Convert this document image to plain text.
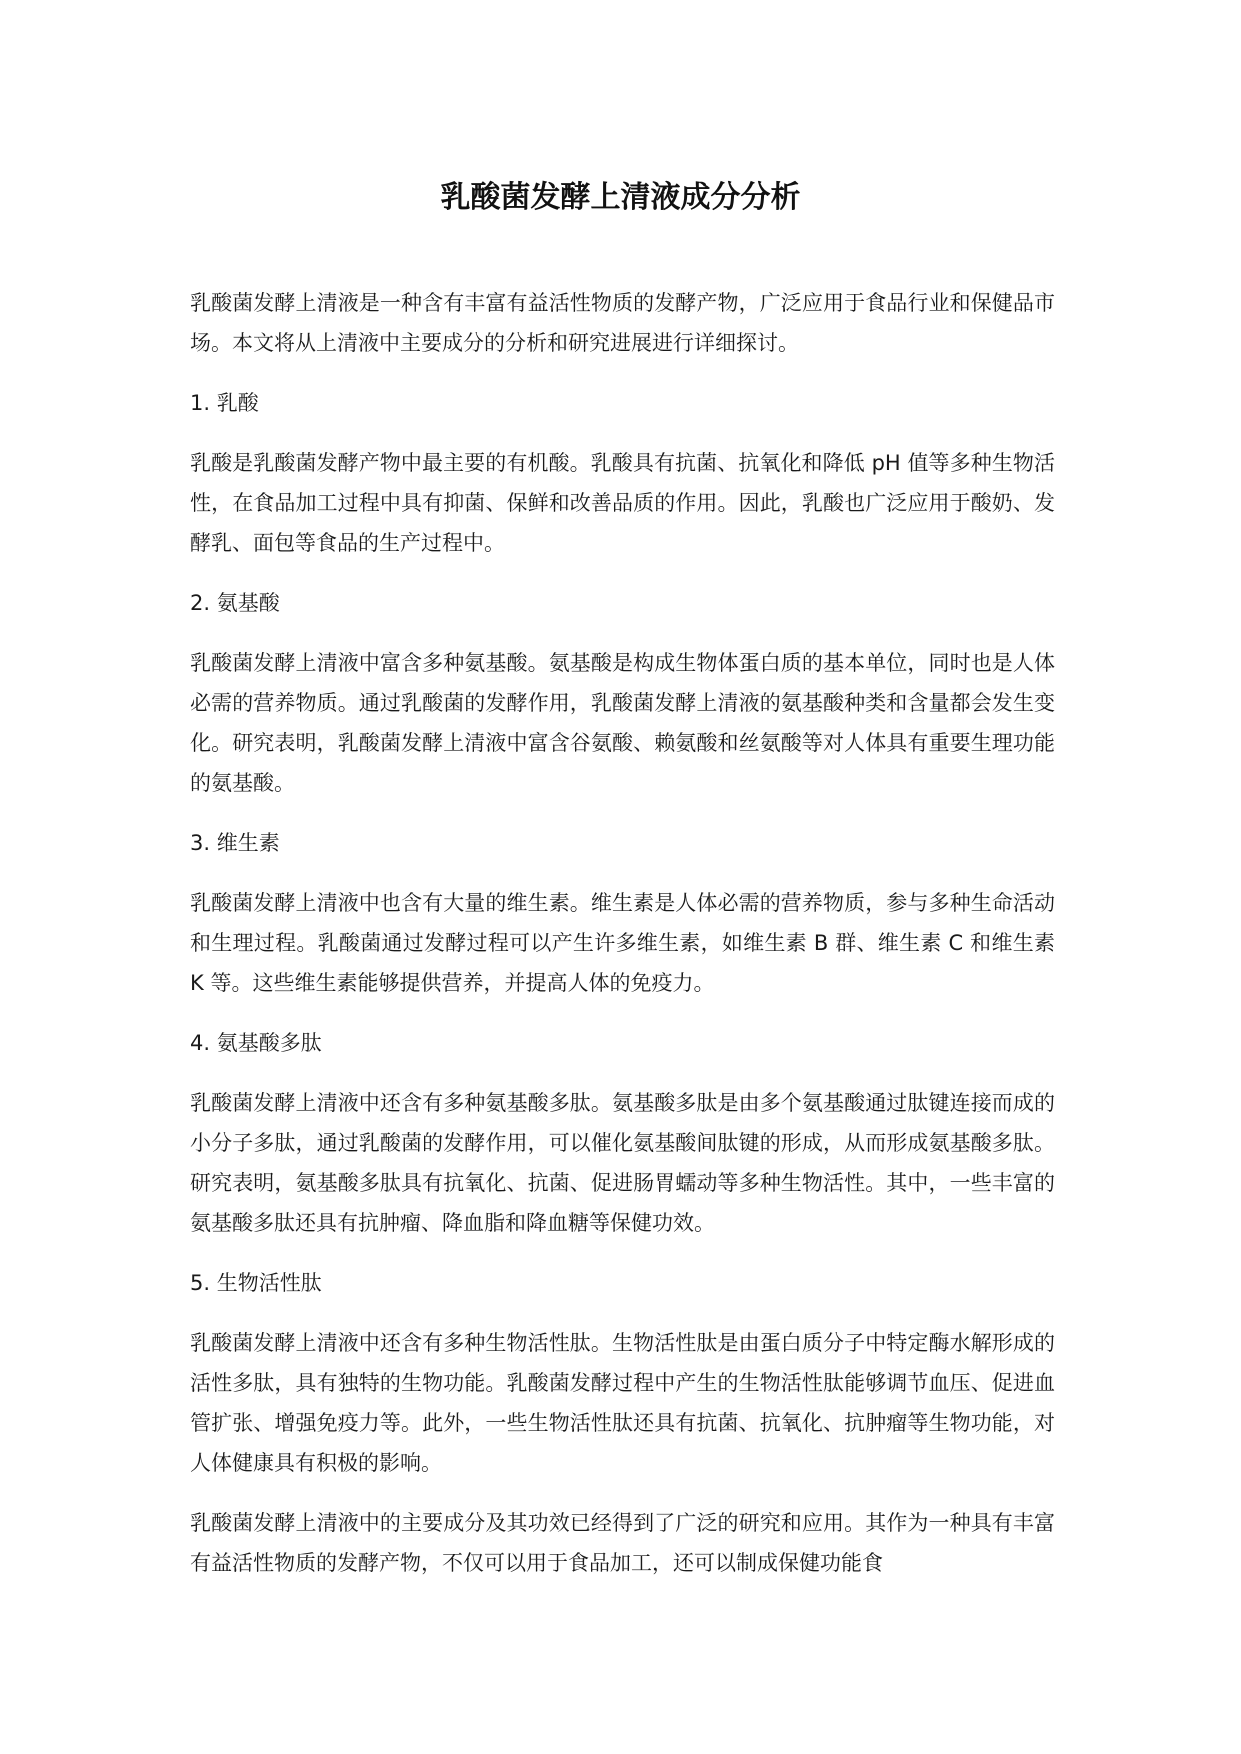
乳酸菌发酵上清液成分分析

乳酸菌发酵上清液是一种含有丰富有益活性物质的发酵产物，广泛应用于食品行业和保健品市场。本文将从上清液中主要成分的分析和研究进展进行详细探讨。

1. 乳酸

乳酸是乳酸菌发酵产物中最主要的有机酸。乳酸具有抗菌、抗氧化和降低 pH 值等多种生物活性，在食品加工过程中具有抑菌、保鲜和改善品质的作用。因此，乳酸也广泛应用于酸奶、发酵乳、面包等食品的生产过程中。

2. 氨基酸

乳酸菌发酵上清液中富含多种氨基酸。氨基酸是构成生物体蛋白质的基本单位，同时也是人体必需的营养物质。通过乳酸菌的发酵作用，乳酸菌发酵上清液的氨基酸种类和含量都会发生变化。研究表明，乳酸菌发酵上清液中富含谷氨酸、赖氨酸和丝氨酸等对人体具有重要生理功能的氨基酸。

3. 维生素

乳酸菌发酵上清液中也含有大量的维生素。维生素是人体必需的营养物质，参与多种生命活动和生理过程。乳酸菌通过发酵过程可以产生许多维生素，如维生素 B 群、维生素 C 和维生素 K 等。这些维生素能够提供营养，并提高人体的免疫力。

4. 氨基酸多肽

乳酸菌发酵上清液中还含有多种氨基酸多肽。氨基酸多肽是由多个氨基酸通过肽键连接而成的小分子多肽，通过乳酸菌的发酵作用，可以催化氨基酸间肽键的形成，从而形成氨基酸多肽。研究表明，氨基酸多肽具有抗氧化、抗菌、促进肠胃蠕动等多种生物活性。其中，一些丰富的氨基酸多肽还具有抗肿瘤、降血脂和降血糖等保健功效。

5. 生物活性肽

乳酸菌发酵上清液中还含有多种生物活性肽。生物活性肽是由蛋白质分子中特定酶水解形成的活性多肽，具有独特的生物功能。乳酸菌发酵过程中产生的生物活性肽能够调节血压、促进血管扩张、增强免疫力等。此外，一些生物活性肽还具有抗菌、抗氧化、抗肿瘤等生物功能，对人体健康具有积极的影响。

乳酸菌发酵上清液中的主要成分及其功效已经得到了广泛的研究和应用。其作为一种具有丰富有益活性物质的发酵产物，不仅可以用于食品加工，还可以制成保健功能食
